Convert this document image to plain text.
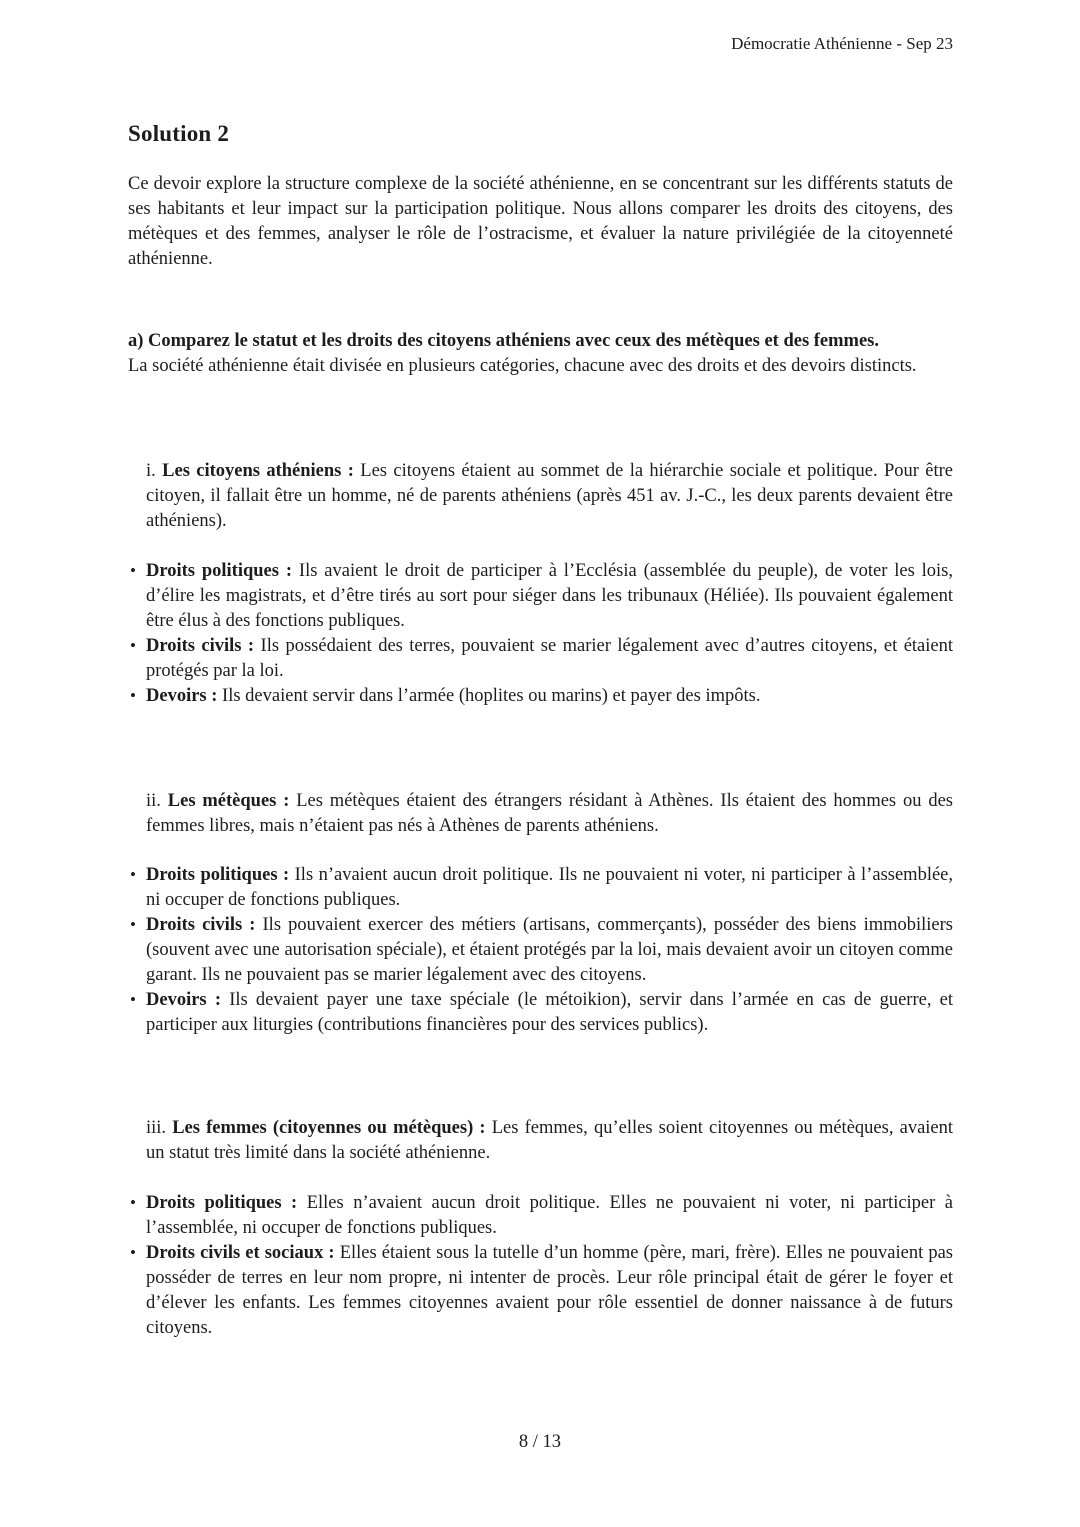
Démocratie Athénienne - Sep 23
Solution 2

Ce devoir explore la structure complexe de la société athénienne, en se concentrant sur les différents statuts de ses habitants et leur impact sur la participation politique. Nous allons comparer les droits des citoyens, des métèques et des femmes, analyser le rôle de l’ostracisme, et évaluer la nature privilégiée de la citoyenneté athénienne.

a) Comparez le statut et les droits des citoyens athéniens avec ceux des métèques et des femmes.

La société athénienne était divisée en plusieurs catégories, chacune avec des droits et des devoirs distincts.

i. Les citoyens athéniens : Les citoyens étaient au sommet de la hiérarchie sociale et politique. Pour être citoyen, il fallait être un homme, né de parents athéniens (après 451 av. J.-C., les deux parents devaient être athéniens).

• Droits politiques : Ils avaient le droit de participer à l’Ecclésia (assemblée du peuple), de voter les lois, d’élire les magistrats, et d’être tirés au sort pour siéger dans les tribunaux (Héliée). Ils pouvaient également être élus à des fonctions publiques.
• Droits civils : Ils possédaient des terres, pouvaient se marier légalement avec d’autres citoyens, et étaient protégés par la loi.
• Devoirs : Ils devaient servir dans l’armée (hoplites ou marins) et payer des impôts.

ii. Les métèques : Les métèques étaient des étrangers résidant à Athènes. Ils étaient des hommes ou des femmes libres, mais n’étaient pas nés à Athènes de parents athéniens.

• Droits politiques : Ils n’avaient aucun droit politique. Ils ne pouvaient ni voter, ni participer à l’assemblée, ni occuper de fonctions publiques.
• Droits civils : Ils pouvaient exercer des métiers (artisans, commerçants), posséder des biens immobiliers (souvent avec une autorisation spéciale), et étaient protégés par la loi, mais devaient avoir un citoyen comme garant. Ils ne pouvaient pas se marier légalement avec des citoyens.
• Devoirs : Ils devaient payer une taxe spéciale (le métoikion), servir dans l’armée en cas de guerre, et participer aux liturgies (contributions financières pour des services publics).

iii. Les femmes (citoyennes ou métèques) : Les femmes, qu’elles soient citoyennes ou métèques, avaient un statut très limité dans la société athénienne.

• Droits politiques : Elles n’avaient aucun droit politique. Elles ne pouvaient ni voter, ni participer à l’assemblée, ni occuper de fonctions publiques.
• Droits civils et sociaux : Elles étaient sous la tutelle d’un homme (père, mari, frère). Elles ne pouvaient pas posséder de terres en leur nom propre, ni intenter de procès. Leur rôle principal était de gérer le foyer et d’élever les enfants. Les femmes citoyennes avaient pour rôle essentiel de donner naissance à de futurs citoyens.
8 / 13
